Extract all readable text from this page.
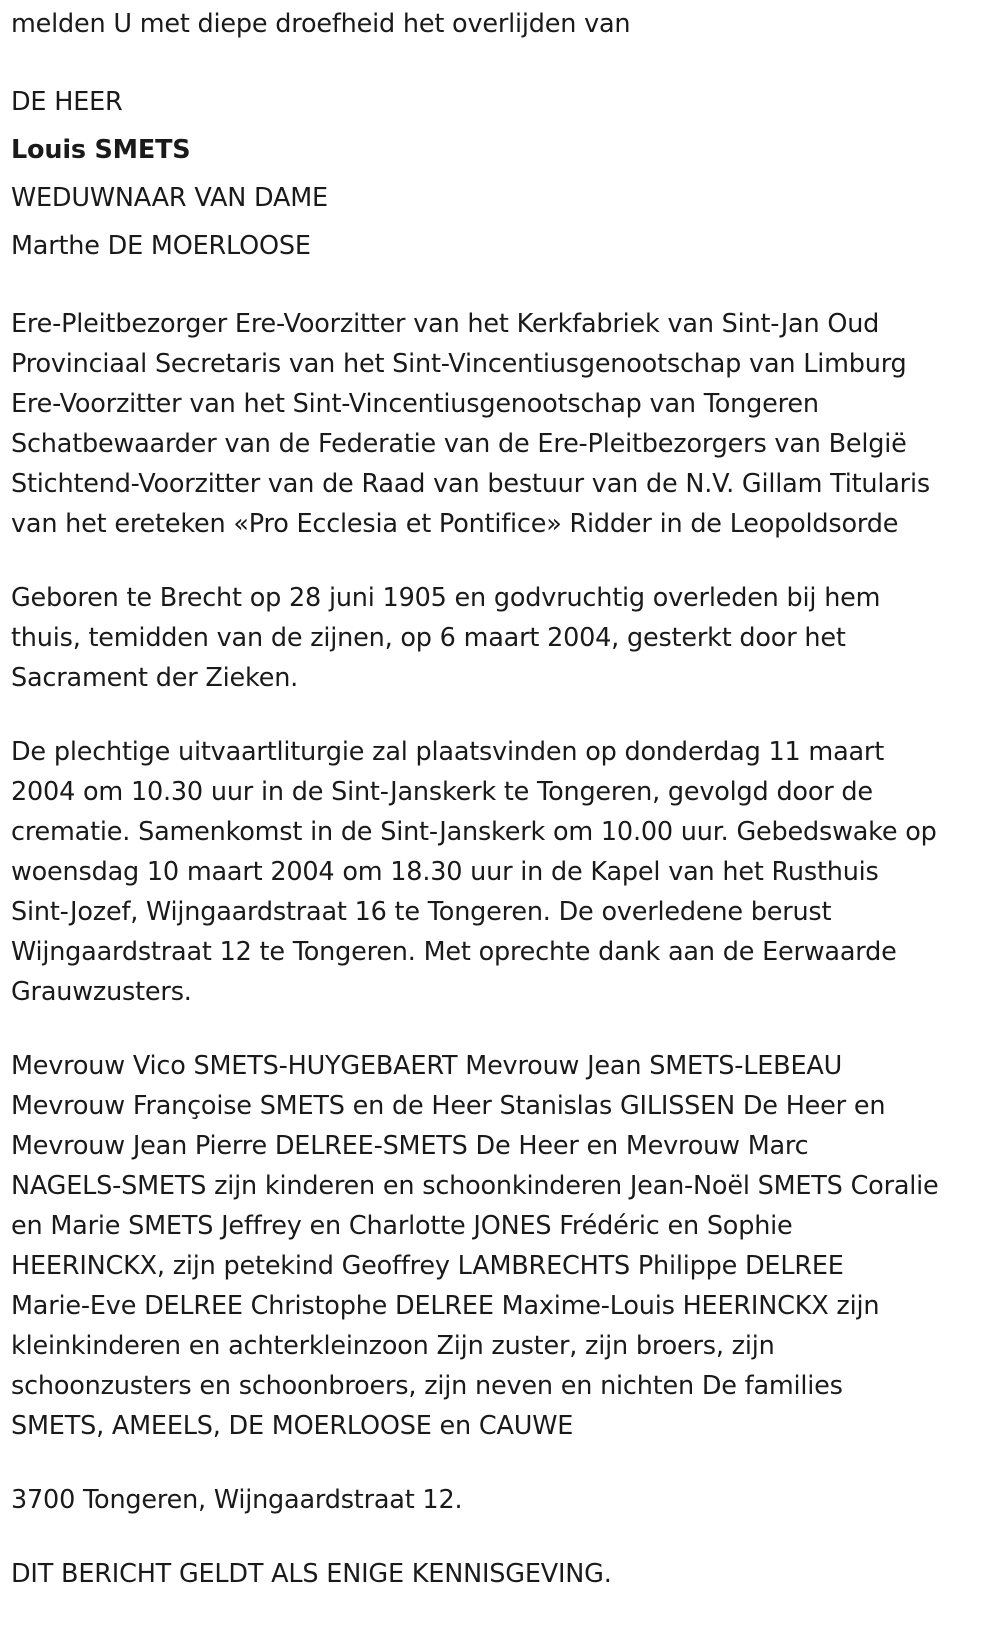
melden U met diepe droefheid het overlijden van
DE HEER
Louis SMETS
WEDUWNAAR VAN DAME
Marthe DE MOERLOOSE
Ere-Pleitbezorger Ere-Voorzitter van het Kerkfabriek van Sint-Jan Oud
Provinciaal Secretaris van het Sint-Vincentiusgenootschap van Limburg
Ere-Voorzitter van het Sint-Vincentiusgenootschap van Tongeren
Schatbewaarder van de Federatie van de Ere-Pleitbezorgers van België
Stichtend-Voorzitter van de Raad van bestuur van de N.V. Gillam Titularis
van het ereteken «Pro Ecclesia et Pontifice» Ridder in de Leopoldsorde
Geboren te Brecht op 28 juni 1905 en godvruchtig overleden bij hem
thuis, temidden van de zijnen, op 6 maart 2004, gesterkt door het
Sacrament der Zieken.
De plechtige uitvaartliturgie zal plaatsvinden op donderdag 11 maart
2004 om 10.30 uur in de Sint-Janskerk te Tongeren, gevolgd door de
crematie. Samenkomst in de Sint-Janskerk om 10.00 uur. Gebedswake op
woensdag 10 maart 2004 om 18.30 uur in de Kapel van het Rusthuis
Sint-Jozef, Wijngaardstraat 16 te Tongeren. De overledene berust
Wijngaardstraat 12 te Tongeren. Met oprechte dank aan de Eerwaarde
Grauwzusters.
Mevrouw Vico SMETS-HUYGEBAERT Mevrouw Jean SMETS-LEBEAU
Mevrouw Françoise SMETS en de Heer Stanislas GILISSEN De Heer en
Mevrouw Jean Pierre DELREE-SMETS De Heer en Mevrouw Marc
NAGELS-SMETS zijn kinderen en schoonkinderen Jean-Noël SMETS Coralie
en Marie SMETS Jeffrey en Charlotte JONES Frédéric en Sophie
HEERINCKX, zijn petekind Geoffrey LAMBRECHTS Philippe DELREE
Marie-Eve DELREE Christophe DELREE Maxime-Louis HEERINCKX zijn
kleinkinderen en achterkleinzoon Zijn zuster, zijn broers, zijn
schoonzusters en schoonbroers, zijn neven en nichten De families
SMETS, AMEELS, DE MOERLOOSE en CAUWE
3700 Tongeren, Wijngaardstraat 12.
DIT BERICHT GELDT ALS ENIGE KENNISGEVING.
